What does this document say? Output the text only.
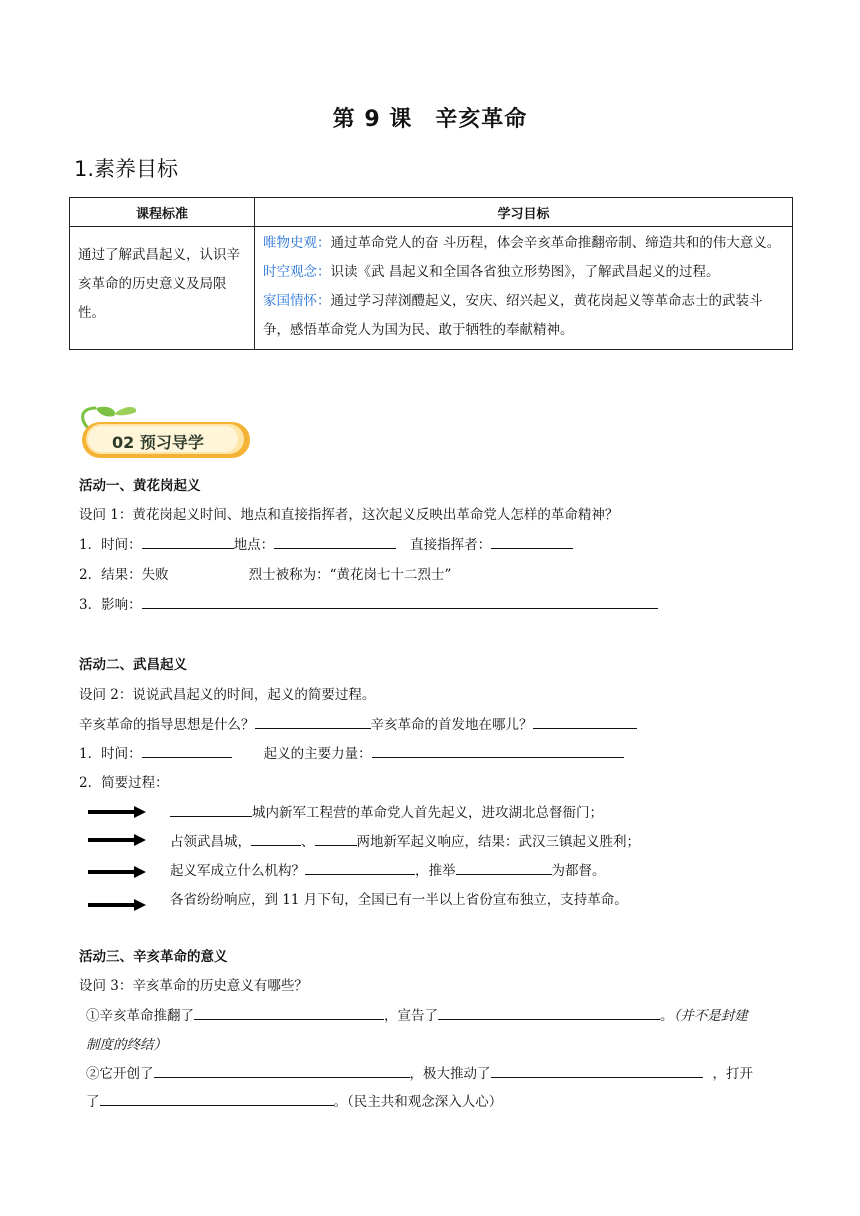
第 9 课　辛亥革命
1.素养目标
课程标准	学习目标
通过了解武昌起义，认识辛亥革命的历史意义及局限性。	唯物史观：通过革命党人的奋 斗历程，体会辛亥革命推翻帝制、缔造共和的伟大意义。
时空观念：识读《武 昌起义和全国各省独立形势图》，了解武昌起义的过程。
家国情怀：通过学习萍浏醴起义，安庆、绍兴起义，黄花岗起义等革命志士的武装斗争，感悟革命党人为国为民、敢于牺牲的奉献精神。
02 预习导学
活动一、黄花岗起义
设问 1：黄花岗起义时间、地点和直接指挥者，这次起义反映出革命党人怎样的革命精神？
1．时间：	地点：	直接指挥者：
2．结果：失败	烈士被称为：“黄花岗七十二烈士”
3．影响：
活动二、武昌起义
设问 2：说说武昌起义的时间，起义的简要过程。
辛亥革命的指导思想是什么？	辛亥革命的首发地在哪儿？
1．时间：	起义的主要力量：
2．简要过程：
城内新军工程营的革命党人首先起义，进攻湖北总督衙门；
占领武昌城，	、	两地新军起义响应，结果：武汉三镇起义胜利；
起义军成立什么机构？	，推举	为都督。
各省纷纷响应，到 11 月下旬，全国已有一半以上省份宣布独立，支持革命。
活动三、辛亥革命的意义
设问 3：辛亥革命的历史意义有哪些？
①辛亥革命推翻了	，宣告了	。（并不是封建
制度的终结）
②它开创了	，极大推动了	，打开
了	。（民主共和观念深入人心）
